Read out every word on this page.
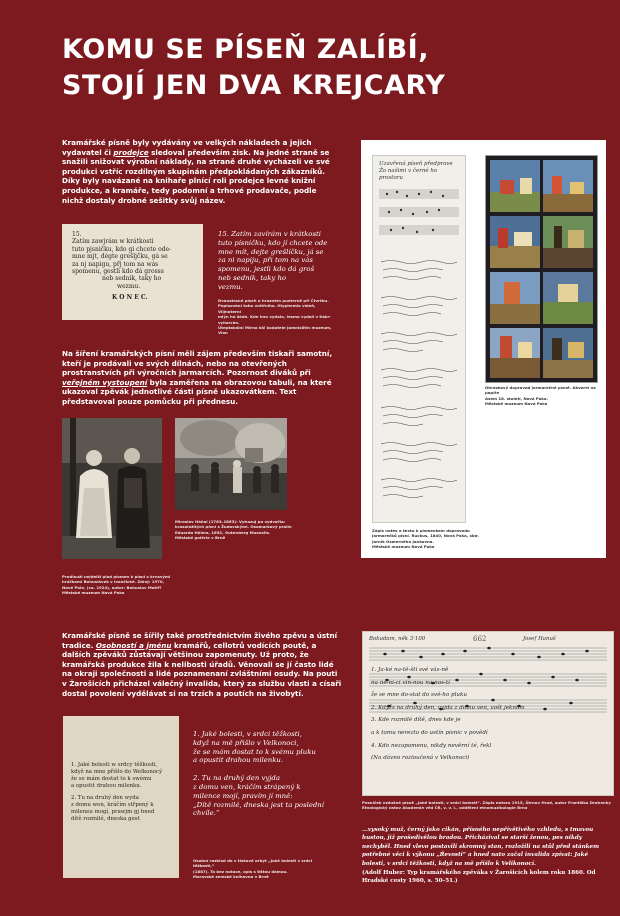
KOMU SE PÍSEŇ ZALÍBÍ,
STOJÍ JEN DVA KREJCARY
Kramářské písně byly vydávány ve velkých nákladech a jejich vydavatel či prodejce sledoval především zisk. Na jedné straně se snažili snižovat výrobní náklady, na straně druhé vycházeli ve své produkci vstříc rozdílným skupinám předpokládaných zákazníků. Díky byly navázané na knihaře plnící roli prodejce levné knižní produkce, a kramáře, tedy podomní a trhové prodavače, podle nichž dostaly drobné sešitky svůj název.
15.
Zatím zawjrám w krátkosti
tuto pjsničku, kdo gi chcete ode-
mne mjt, dégte grešljčku, gá se
za nj napigu, přj tom na wás
spomenu, gestli kdo dá grosss
neb sednik, taky ho
wezmu.
K O N E C.
15. Zatím zavírám v krátkosti
tuto písničku, kdo jí chcete ode
mne mít, dejte grešlíčku, já se
za ni napiju, při tom na vás
spomenu, jestli kdo dá groš
neb sednik, taky ho
vezmu.
Dvoustrané píseň o hrozném pusterně při Čtvrtku.
Popisování toho vnitřního. Hlyphemia vídeň, Vlijnoterní
mlýn ho žádá. Kde hno vydalo, lesmo vydali v tiskr-
vyharcím.
Úteptokální Mírna bič kodatele Jamnislitin muzeum, Vlon
Na šíření kramářských písní měli zájem především tiskaři samotní, kteří je prodávali ve svých dílnách, nebo na otevřených prostranstvích při výročních jarmarcích. Pozornost diváků při veřejném vystoupení byla zaměřena na obrazovou tabuli, na které ukazoval zpěvák jednotlivé části písně ukazovátkem. Text představoval pouze pomůcku při přednesu.
Prodlouží nejdelší plod písmen k písní s krvavými
hráčkami Bohuslávek v Ivančické. Zdroj: 1970,
Nové Pole, (ca. 1924), autor: Bohuslav Motif?
Městské muzeum Nová Paka
Miroslav Háňal (1763–1863): Vyhazuj po vydvořku
krasoložitých písní s Žudovskými. Osomarkový pralin
Eduarda Hölma, 1852, Gutenberg Musealis.
Městské galérie v Brně
Uzavřená píseň předprave
Žo našimi v černé ho prostoru
Zápis notes a textu k písmenkem doprovodu
jarmarečků písní. Ruckus, 1840, Nová Paka, sbír.
Jarník Osmerného Jankovna.
Městské muzeum Nová Paka
Obrázkový doprovod jarmarečné písně. Akvarel na papíře
Asem 18. století, Nová Paka.
Městské muzeum Nová Paka
Kramářské písně se šířily také prostřednictvím živého zpěvu a ústní tradice. Osobností a jménu kramářů, cellotrů vodících poutě, a dalších zpěváků zůstávají většinou zapomenuty. Už proto, že kramářská produkce žila k nelibosti úřadů. Věnovali se jí často lidé na okraji společnosti a lidé poznamenaní zvláštními osudy. Na pouti v Žarošicích přicházel válečný invalida, který za službu vlasti a císaři dostal povolení vydělávat si na trzích a poutích na živobytí.
1. Jaké bolesti w srdcy těžkosti,
když na mne přišlo do Welkonocý
že se mám dostat to k swému
a opustit drahou milenku.
2. Tu na druhý den wyda
z domu wen, kráčím střpený k
mileneu mogí, prawjm gj hned
dítě rozmilé, dneska gest
1. Jaké bolesti, v srdci těžkosti,
když na mě přišlo v Velkonoci,
že se mám dostat to k svému pluku
a opustit drahou milenku.
2. Tu na druhý den vyjda
z domu ven, kráčím strápený k
milence mojí, pravím jí mně:
„Dítě rozmilé, dneska jest ta poslední
chvíle.“
Osobní rozklad do v tiskové orbyt „Jaké bolesti v srdci těžkosti,“
(1887). Ta bez notace, opis s tištou dámou.
Moravské zemské knihovna v Brně
Bokudam, něk 3·100	662	Josef Hanuš
1. Ja-ké na-tě-ští své vás-ně
na ne-ni-ci vin-nou na-nos-tí
že se mne do-stat do své-ho pluku
2. Kdyžs na druhý den, vyjda z domu ven, vošt jeknom
3. Kde rozmilé dítě, dnes kde je
a k tomu nerezto do ustín pisnic v povědí
4. Kdo nezapomenu, nikdy nevěrní té, řekl
(Na dávno rozloučená v Velkonoci)
Pesníček vzdušné písně „Jaké bolesti, v srdci bolesti“. Zápis notoru 1915, Štrnov Hrad, autor Františka Drahenky
Etnologický ústav Akademie věd ČR, v. v. i., oddělení etnomuzikologie Brno
...vysoký muž, černý jako cikán, přísného nepřívětivého vzhledu, s tmavou hustou, již prošedivělou bradou. Přicházival se starší ženou, pes nikdy nechyběl. Hned vlevo postavili skromný stan, rozložili na stůl před stánkem potřebné věci k výkonu „Řevosti“ a hned nato začal invalida zpívat: Jaké bolesti, v srdci těžkosti, když na mě přišlo k Velikonocí.
(Adolf Huber: Typ kramářského zpěváka v Žarošicích kolem roku 1860. Od Hradské cesty 1960, s. 50–51.)
